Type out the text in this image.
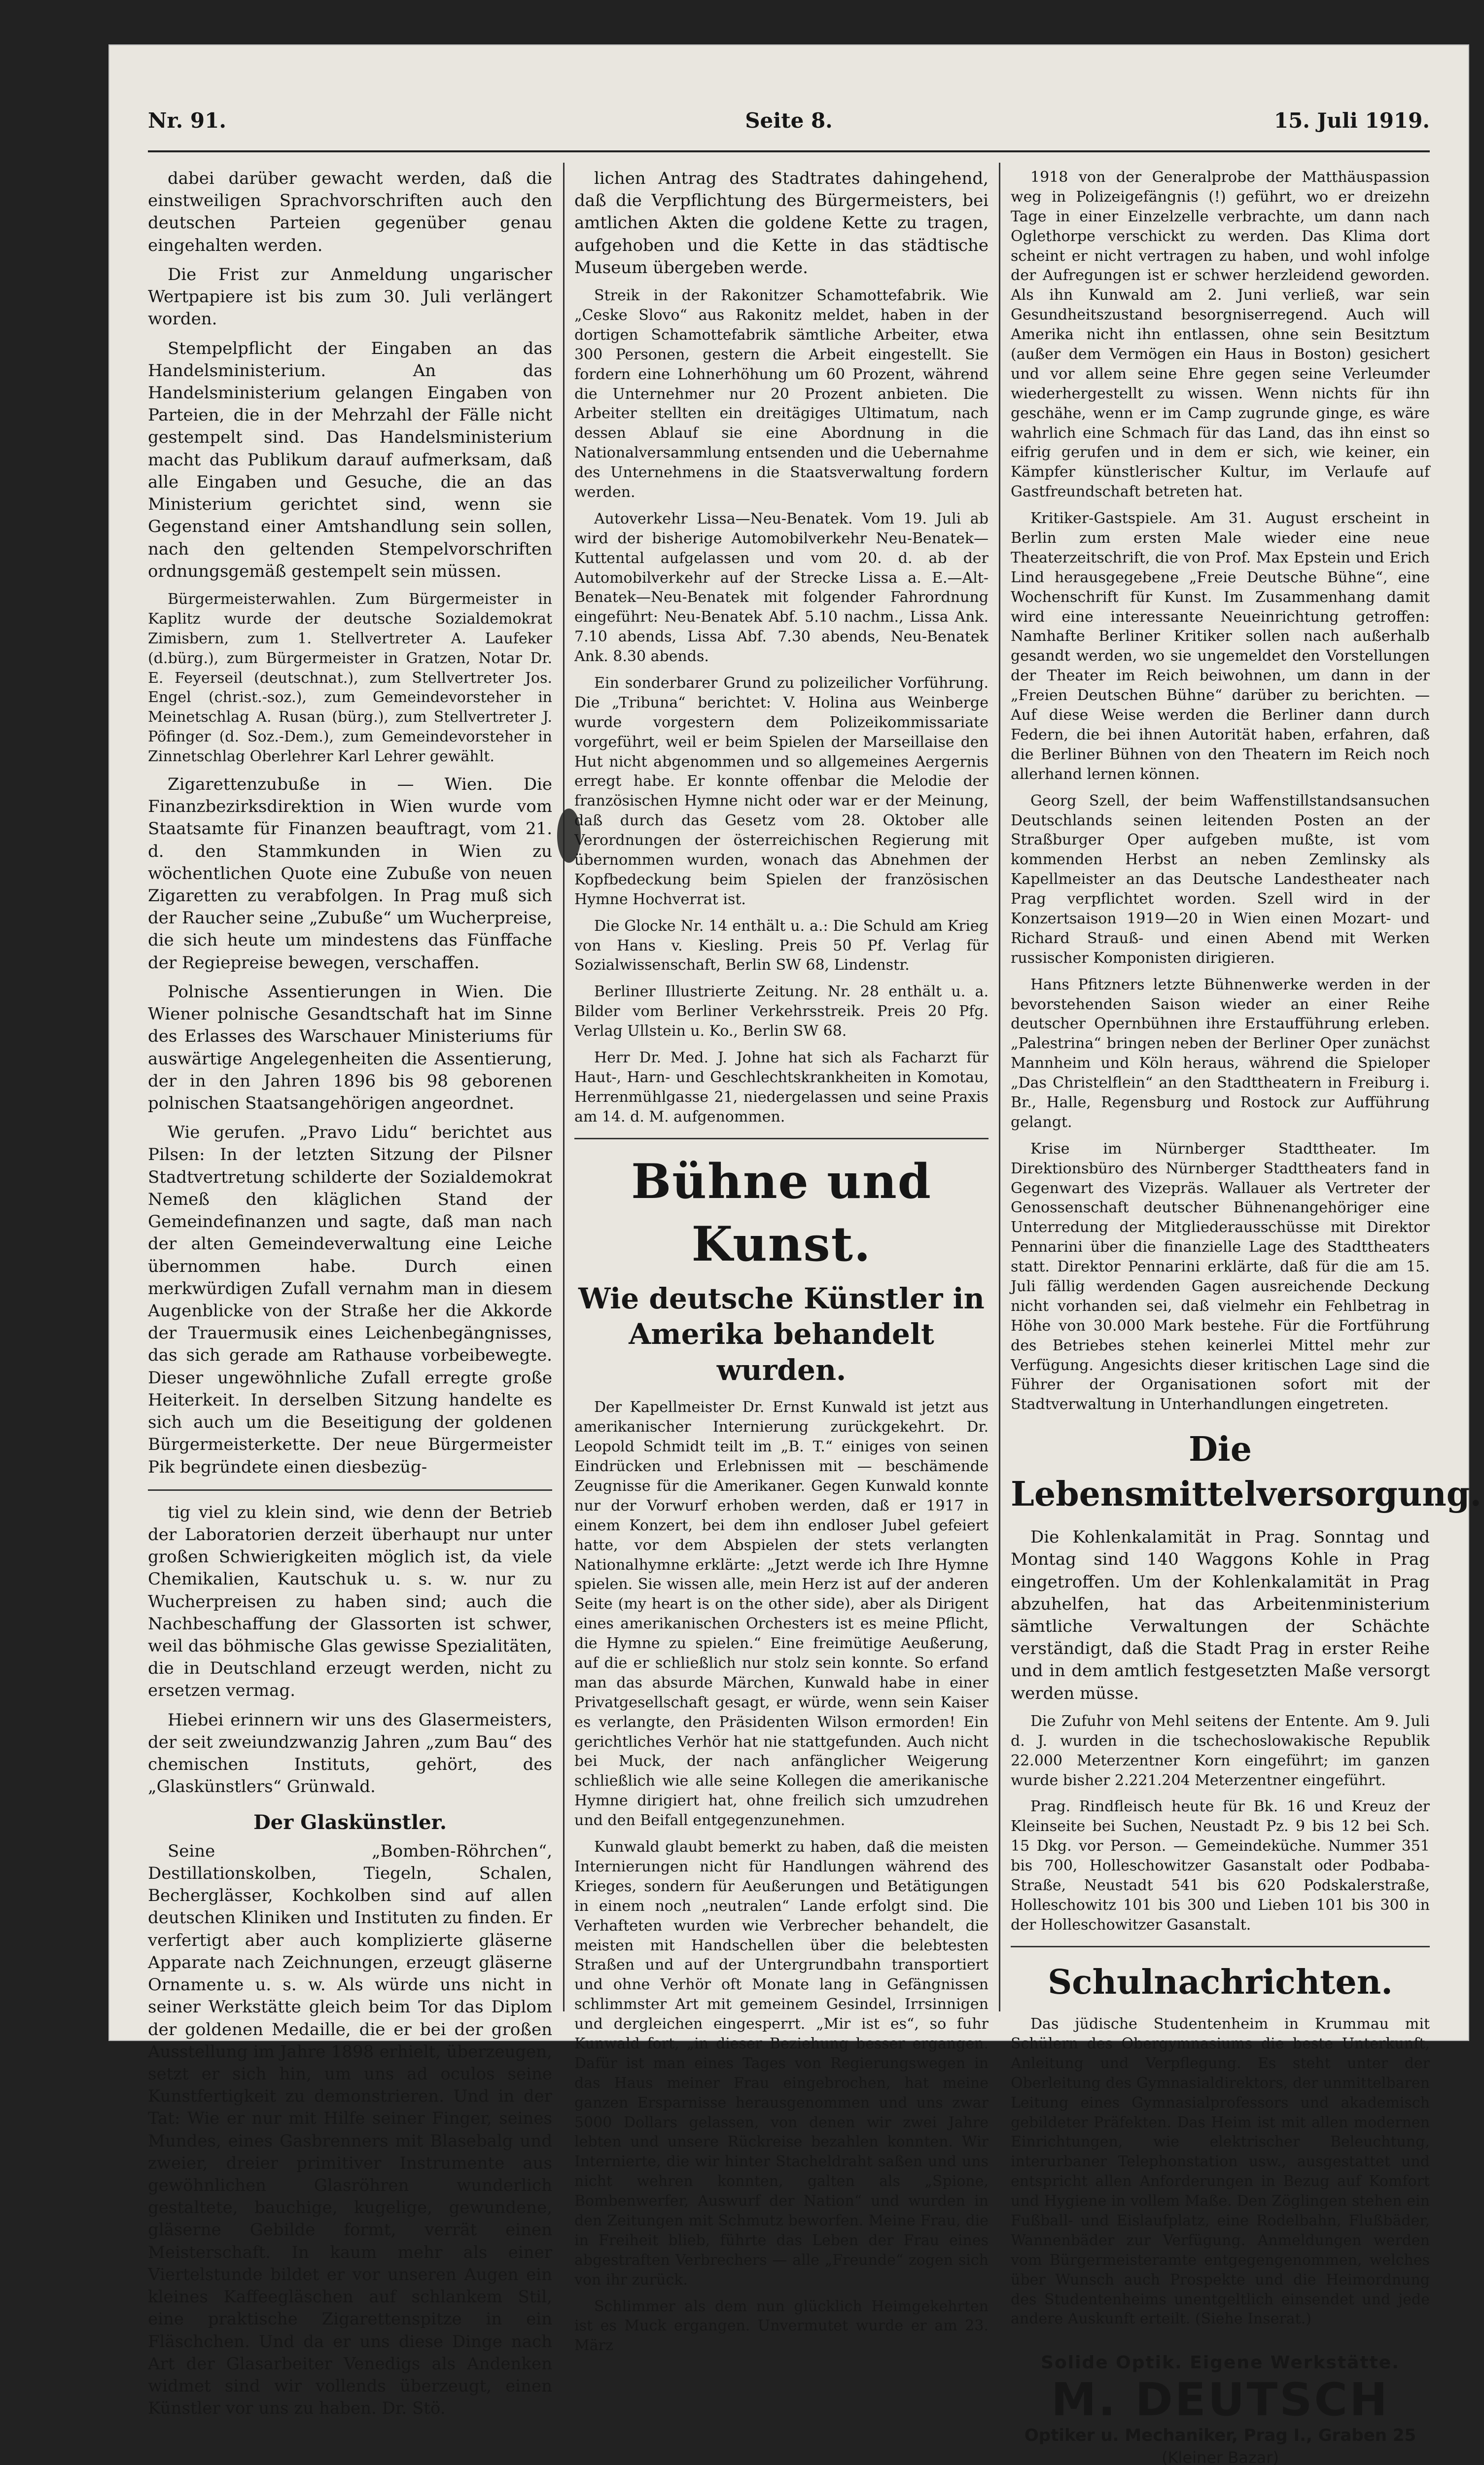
Nr. 91.	Seite 8.	15. Juli 1919.

dabei darüber gewacht werden, daß die einstweiligen Sprachvorschriften auch den deutschen Parteien gegenüber genau eingehalten werden.

Die Frist zur Anmeldung ungarischer Wertpapiere ist bis zum 30. Juli verlängert worden.

Stempelpflicht der Eingaben an das Handelsministerium. An das Handelsministerium gelangen Eingaben von Parteien, die in der Mehrzahl der Fälle nicht gestempelt sind. Das Handelsministerium macht das Publikum darauf aufmerksam, daß alle Eingaben und Gesuche, die an das Ministerium gerichtet sind, wenn sie Gegenstand einer Amtshandlung sein sollen, nach den geltenden Stempelvorschriften ordnungsgemäß gestempelt sein müssen.

Bürgermeisterwahlen. Zum Bürgermeister in Kaplitz wurde der deutsche Sozialdemokrat Zimisbern, zum 1. Stellvertreter A. Laufeker (d.bürg.), zum Bürgermeister in Gratzen, Notar Dr. E. Feyerseil (deutschnat.), zum Stellvertreter Jos. Engel (christ.-soz.), zum Gemeindevorsteher in Meinetschlag A. Rusan (bürg.), zum Stellvertreter J. Pöfinger (d. Soz.-Dem.), zum Gemeindevorsteher in Zinnetschlag Oberlehrer Karl Lehrer gewählt.

Zigarettenzubuße in — Wien. Die Finanzbezirksdirektion in Wien wurde vom Staatsamte für Finanzen beauftragt, vom 21. d. den Stammkunden in Wien zu wöchentlichen Quote eine Zubuße von neuen Zigaretten zu verabfolgen. In Prag muß sich der Raucher seine „Zubuße“ um Wucherpreise, die sich heute um mindestens das Fünffache der Regiepreise bewegen, verschaffen.

Polnische Assentierungen in Wien. Die Wiener polnische Gesandtschaft hat im Sinne des Erlasses des Warschauer Ministeriums für auswärtige Angelegenheiten die Assentierung, der in den Jahren 1896 bis 98 geborenen polnischen Staatsangehörigen angeordnet.

Wie gerufen. „Pravo Lidu“ berichtet aus Pilsen: In der letzten Sitzung der Pilsner Stadtvertretung schilderte der Sozialdemokrat Nemeß den kläglichen Stand der Gemeindefinanzen und sagte, daß man nach der alten Gemeindeverwaltung eine Leiche übernommen habe. Durch einen merkwürdigen Zufall vernahm man in diesem Augenblicke von der Straße her die Akkorde der Trauermusik eines Leichenbegängnisses, das sich gerade am Rathause vorbeibewegte. Dieser ungewöhnliche Zufall erregte große Heiterkeit. In derselben Sitzung handelte es sich auch um die Beseitigung der goldenen Bürgermeisterkette. Der neue Bürgermeister Pik begründete einen diesbezüg-

tig viel zu klein sind, wie denn der Betrieb der Laboratorien derzeit überhaupt nur unter großen Schwierigkeiten möglich ist, da viele Chemikalien, Kautschuk u. s. w. nur zu Wucherpreisen zu haben sind; auch die Nachbeschaffung der Glassorten ist schwer, weil das böhmische Glas gewisse Spezialitäten, die in Deutschland erzeugt werden, nicht zu ersetzen vermag.

Hiebei erinnern wir uns des Glasermeisters, der seit zweiundzwanzig Jahren „zum Bau“ des chemischen Instituts, gehört, des „Glaskünstlers“ Grünwald.

Der Glaskünstler.

Seine „Bomben-Röhrchen“, Destillationskolben, Tiegeln, Schalen, Becherglässer, Kochkolben sind auf allen deutschen Kliniken und Instituten zu finden. Er verfertigt aber auch komplizierte gläserne Apparate nach Zeichnungen, erzeugt gläserne Ornamente u. s. w. Als würde uns nicht in seiner Werkstätte gleich beim Tor das Diplom der goldenen Medaille, die er bei der großen Ausstellung im Jahre 1898 erhielt, überzeugen, setzt er sich hin, um uns ad oculos seine Kunstfertigkeit zu demonstrieren. Und in der Tat: Wie er nur mit Hilfe seiner Finger, seines Mundes, eines Gasbrenners mit Blasebalg und zweier, dreier primitiver Instrumente aus gewöhnlichen Glasröhren wunderlich gestaltete, bauchige, kugelige, gewundene, gläserne Gebilde formt, verrät einen Meisterschaft. In kaum mehr als einer Viertelstunde bildet er vor unseren Augen ein kleines Kaffeegläschen auf schlankem Stil, eine praktische Zigarettenspitze in ein Fläschchen. Und da er uns diese Dinge nach Art der Glasarbeiter Venedigs als Andenken widmet sind wir vollends überzeugt, einen Künstler vor uns zu haben. Dr. Stö.

lichen Antrag des Stadtrates dahingehend, daß die Verpflichtung des Bürgermeisters, bei amtlichen Akten die goldene Kette zu tragen, aufgehoben und die Kette in das städtische Museum übergeben werde.

Streik in der Rakonitzer Schamottefabrik. Wie „Ceske Slovo“ aus Rakonitz meldet, haben in der dortigen Schamottefabrik sämtliche Arbeiter, etwa 300 Personen, gestern die Arbeit eingestellt. Sie fordern eine Lohnerhöhung um 60 Prozent, während die Unternehmer nur 20 Prozent anbieten. Die Arbeiter stellten ein dreitägiges Ultimatum, nach dessen Ablauf sie eine Abordnung in die Nationalversammlung entsenden und die Uebernahme des Unternehmens in die Staatsverwaltung fordern werden.

Autoverkehr Lissa—Neu-Benatek. Vom 19. Juli ab wird der bisherige Automobilverkehr Neu-Benatek—Kuttental aufgelassen und vom 20. d. ab der Automobilverkehr auf der Strecke Lissa a. E.—Alt-Benatek—Neu-Benatek mit folgender Fahrordnung eingeführt: Neu-Benatek Abf. 5.10 nachm., Lissa Ank. 7.10 abends, Lissa Abf. 7.30 abends, Neu-Benatek Ank. 8.30 abends.

Ein sonderbarer Grund zu polizeilicher Vorführung. Die „Tribuna“ berichtet: V. Holina aus Weinberge wurde vorgestern dem Polizeikommissariate vorgeführt, weil er beim Spielen der Marseillaise den Hut nicht abgenommen und so allgemeines Aergernis erregt habe. Er konnte offenbar die Melodie der französischen Hymne nicht oder war er der Meinung, daß durch das Gesetz vom 28. Oktober alle Verordnungen der österreichischen Regierung mit übernommen wurden, wonach das Abnehmen der Kopfbedeckung beim Spielen der französischen Hymne Hochverrat ist.

Die Glocke Nr. 14 enthält u. a.: Die Schuld am Krieg von Hans v. Kiesling. Preis 50 Pf. Verlag für Sozialwissenschaft, Berlin SW 68, Lindenstr.

Berliner Illustrierte Zeitung. Nr. 28 enthält u. a. Bilder vom Berliner Verkehrsstreik. Preis 20 Pfg. Verlag Ullstein u. Ko., Berlin SW 68.

Herr Dr. Med. J. Johne hat sich als Facharzt für Haut-, Harn- und Geschlechtskrankheiten in Komotau, Herrenmühlgasse 21, niedergelassen und seine Praxis am 14. d. M. aufgenommen.

Bühne und Kunst.
Wie deutsche Künstler in Amerika behandelt wurden.

Der Kapellmeister Dr. Ernst Kunwald ist jetzt aus amerikanischer Internierung zurückgekehrt. Dr. Leopold Schmidt teilt im „B. T.“ einiges von seinen Eindrücken und Erlebnissen mit — beschämende Zeugnisse für die Amerikaner. Gegen Kunwald konnte nur der Vorwurf erhoben werden, daß er 1917 in einem Konzert, bei dem ihn endloser Jubel gefeiert hatte, vor dem Abspielen der stets verlangten Nationalhymne erklärte: „Jetzt werde ich Ihre Hymne spielen. Sie wissen alle, mein Herz ist auf der anderen Seite (my heart is on the other side), aber als Dirigent eines amerikanischen Orchesters ist es meine Pflicht, die Hymne zu spielen.“ Eine freimütige Aeußerung, auf die er schließlich nur stolz sein konnte. So erfand man das absurde Märchen, Kunwald habe in einer Privatgesellschaft gesagt, er würde, wenn sein Kaiser es verlangte, den Präsidenten Wilson ermorden! Ein gerichtliches Verhör hat nie stattgefunden. Auch nicht bei Muck, der nach anfänglicher Weigerung schließlich wie alle seine Kollegen die amerikanische Hymne dirigiert hat, ohne freilich sich umzudrehen und den Beifall entgegenzunehmen.

Kunwald glaubt bemerkt zu haben, daß die meisten Internierungen nicht für Handlungen während des Krieges, sondern für Aeußerungen und Betätigungen in einem noch „neutralen“ Lande erfolgt sind. Die Verhafteten wurden wie Verbrecher behandelt, die meisten mit Handschellen über die belebtesten Straßen und auf der Untergrundbahn transportiert und ohne Verhör oft Monate lang in Gefängnissen schlimmster Art mit gemeinem Gesindel, Irrsinnigen und dergleichen eingesperrt. „Mir ist es“, so fuhr Kunwald fort, „in dieser Beziehung besser ergangen. Dafür ist man eines Tages von Regierungswegen in das Haus meiner Frau eingebrochen, hat meine ganzen Ersparnisse herausgenommen und uns zwar 5000 Dollars gelassen, von denen wir zwei Jahre lebten und unsere Rückreise bezahlen konnten. Wir Internierte, die wir hinter Stacheldraht saßen und uns nicht wehren konnten, galten als „Spione, Bombenwerfer, Auswurf der Nation“ und wurden in den Zeitungen mit Schmutz beworfen. Meine Frau, die in Freiheit blieb, führte das Leben der Frau eines abgestraften Verbrechers — alle „Freunde“ zogen sich von ihr zurück.

Schlimmer als dem nun glücklich Heimgekehrten ist es Muck ergangen. Unvermutet wurde er am 23. März

1918 von der Generalprobe der Matthäuspassion weg in Polizeigefängnis (!) geführt, wo er dreizehn Tage in einer Einzelzelle verbrachte, um dann nach Oglethorpe verschickt zu werden. Das Klima dort scheint er nicht vertragen zu haben, und wohl infolge der Aufregungen ist er schwer herzleidend geworden. Als ihn Kunwald am 2. Juni verließ, war sein Gesundheitszustand besorgniserregend. Auch will Amerika nicht ihn entlassen, ohne sein Besitztum (außer dem Vermögen ein Haus in Boston) gesichert und vor allem seine Ehre gegen seine Verleumder wiederhergestellt zu wissen. Wenn nichts für ihn geschähe, wenn er im Camp zugrunde ginge, es wäre wahrlich eine Schmach für das Land, das ihn einst so eifrig gerufen und in dem er sich, wie keiner, ein Kämpfer künstlerischer Kultur, im Verlaufe auf Gastfreundschaft betreten hat.

Kritiker-Gastspiele. Am 31. August erscheint in Berlin zum ersten Male wieder eine neue Theaterzeitschrift, die von Prof. Max Epstein und Erich Lind herausgegebene „Freie Deutsche Bühne“, eine Wochenschrift für Kunst. Im Zusammenhang damit wird eine interessante Neueinrichtung getroffen: Namhafte Berliner Kritiker sollen nach außerhalb gesandt werden, wo sie ungemeldet den Vorstellungen der Theater im Reich beiwohnen, um dann in der „Freien Deutschen Bühne“ darüber zu berichten. — Auf diese Weise werden die Berliner dann durch Federn, die bei ihnen Autorität haben, erfahren, daß die Berliner Bühnen von den Theatern im Reich noch allerhand lernen können.

Georg Szell, der beim Waffenstillstandsansuchen Deutschlands seinen leitenden Posten an der Straßburger Oper aufgeben mußte, ist vom kommenden Herbst an neben Zemlinsky als Kapellmeister an das Deutsche Landestheater nach Prag verpflichtet worden. Szell wird in der Konzertsaison 1919—20 in Wien einen Mozart- und Richard Strauß- und einen Abend mit Werken russischer Komponisten dirigieren.

Hans Pfitzners letzte Bühnenwerke werden in der bevorstehenden Saison wieder an einer Reihe deutscher Opernbühnen ihre Erstaufführung erleben. „Palestrina“ bringen neben der Berliner Oper zunächst Mannheim und Köln heraus, während die Spieloper „Das Christelflein“ an den Stadttheatern in Freiburg i. Br., Halle, Regensburg und Rostock zur Aufführung gelangt.

Krise im Nürnberger Stadttheater. Im Direktionsbüro des Nürnberger Stadttheaters fand in Gegenwart des Vizepräs. Wallauer als Vertreter der Genossenschaft deutscher Bühnenangehöriger eine Unterredung der Mitgliederausschüsse mit Direktor Pennarini über die finanzielle Lage des Stadttheaters statt. Direktor Pennarini erklärte, daß für die am 15. Juli fällig werdenden Gagen ausreichende Deckung nicht vorhanden sei, daß vielmehr ein Fehlbetrag in Höhe von 30.000 Mark bestehe. Für die Fortführung des Betriebes stehen keinerlei Mittel mehr zur Verfügung. Angesichts dieser kritischen Lage sind die Führer der Organisationen sofort mit der Stadtverwaltung in Unterhandlungen eingetreten.

Die Lebensmittelversorgung.

Die Kohlenkalamität in Prag. Sonntag und Montag sind 140 Waggons Kohle in Prag eingetroffen. Um der Kohlenkalamität in Prag abzuhelfen, hat das Arbeitenministerium sämtliche Verwaltungen der Schächte verständigt, daß die Stadt Prag in erster Reihe und in dem amtlich festgesetzten Maße versorgt werden müsse.

Die Zufuhr von Mehl seitens der Entente. Am 9. Juli d. J. wurden in die tschechoslowakische Republik 22.000 Meterzentner Korn eingeführt; im ganzen wurde bisher 2.221.204 Meterzentner eingeführt.

Prag. Rindfleisch heute für Bk. 16 und Kreuz der Kleinseite bei Suchen, Neustadt Pz. 9 bis 12 bei Sch. 15 Dkg. vor Person. — Gemeindeküche. Nummer 351 bis 700, Holleschowitzer Gasanstalt oder Podbaba-Straße, Neustadt 541 bis 620 Podskalerstraße, Holleschowitz 101 bis 300 und Lieben 101 bis 300 in der Holleschowitzer Gasanstalt.

Schulnachrichten.

Das jüdische Studentenheim in Krummau mit Schülern des Obergymnasiums die beste Unterkunft, Anleitung und Verpflegung. Es steht unter der Oberleitung des Gymnasialdirektors, der unmittelbaren Leitung eines Gymnasialprofessors und akademisch gebildeter Präfekten. Das Heim ist mit allen modernen Einrichtungen, wie elektrischer Beleuchtung, interurbaner Telephonstation usw., ausgestattet und entspricht allen Anforderungen in Bezug auf Komfort und Hygiene in vollem Maße. Den Zöglingen stehen ein Fußball- und Eislaufplatz, eine Rodelbahn, Flußbäder, Wannenbäder zur Verfügung. Anmeldungen werden vom Bürgermeisteramte entgegengenommen, welches über Wunsch auch Prospekte und die Heimordnung des Studentenheims unentgeltlich einsendet und jede andere Auskunft erteilt. (Siehe Inserat.)

Solide Optik. Eigene Werkstätte.
M. DEUTSCH
Optiker u. Mechaniker, Prag I., Graben 25
(Kleiner Bazar)
